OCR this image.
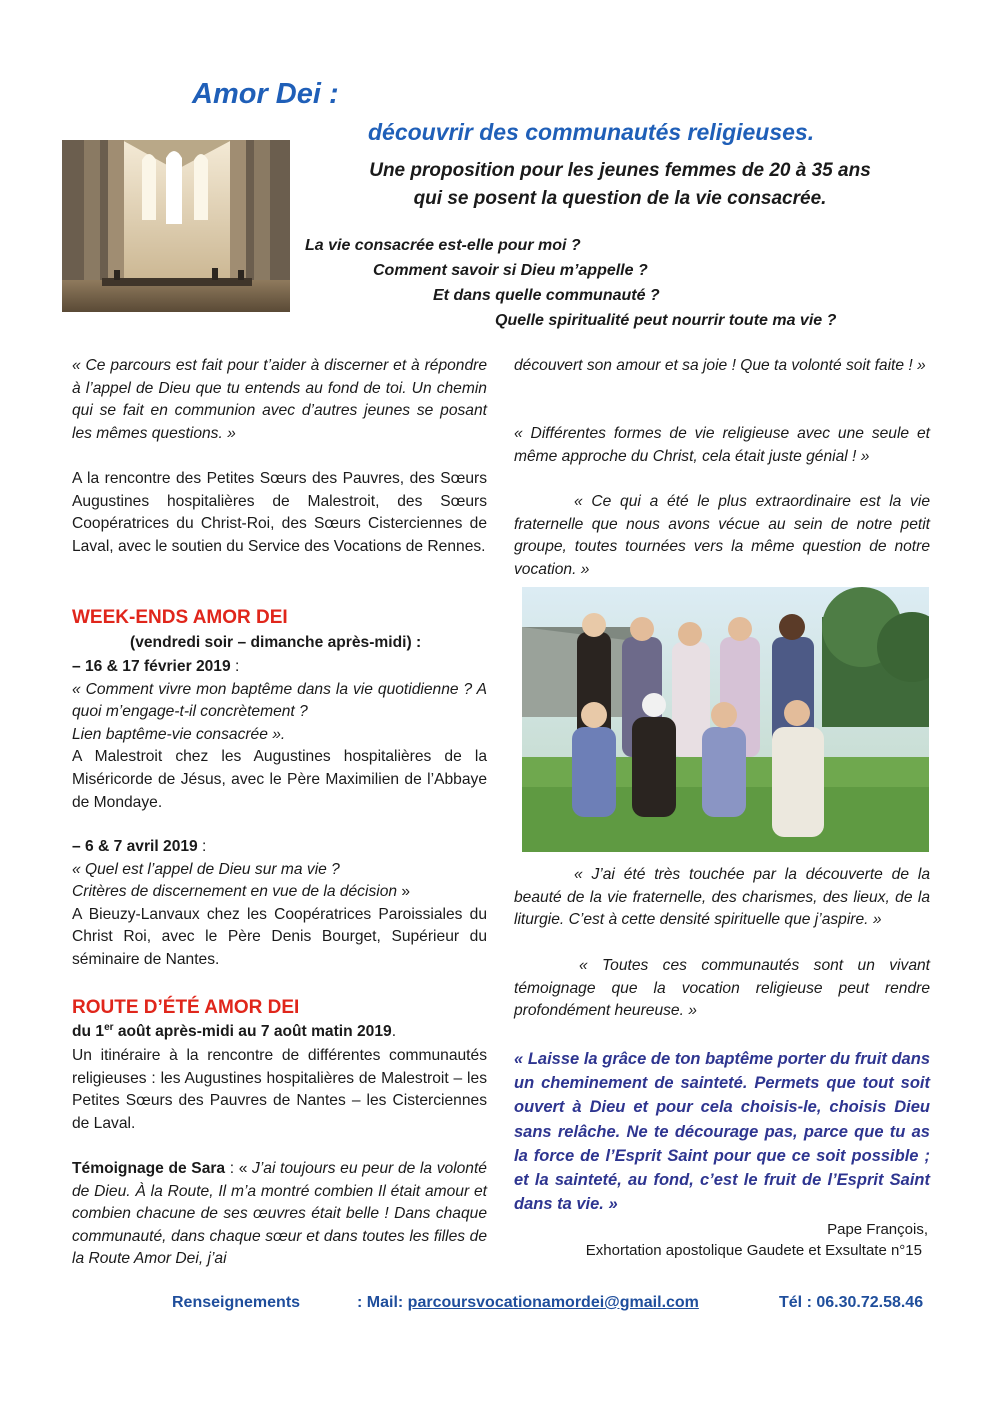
Amor Dei :
découvrir des communautés religieuses.
Une proposition pour les jeunes femmes de 20 à 35 ans
qui se posent la question de la vie consacrée.
La vie consacrée est-elle pour moi ?
Comment savoir si Dieu m’appelle ?
Et dans quelle communauté ?
Quelle spiritualité peut nourrir toute ma vie ?
« Ce parcours est fait pour t’aider à discerner et à répondre à l’appel de Dieu que tu entends au fond de toi. Un chemin qui se fait en communion avec d’autres jeunes se posant les mêmes questions. »
A la rencontre des Petites Sœurs des Pauvres, des Sœurs Augustines hospitalières de Malestroit, des Sœurs Coopératrices du Christ-Roi, des Sœurs Cisterciennes de Laval, avec le soutien du Service des Vocations de Rennes.
WEEK-ENDS AMOR DEI
(vendredi soir – dimanche après-midi) :

– 16 & 17 février 2019 :

« Comment vivre mon baptême dans la vie quotidienne ? A quoi m’engage-t-il concrètement ?

Lien baptême-vie consacrée ».

A Malestroit chez les Augustines hospitalières de la Miséricorde de Jésus, avec le Père Maximilien de l’Abbaye de Mondaye.

– 6 & 7 avril 2019 :

« Quel est l’appel de Dieu sur ma vie ?

Critères de discernement en vue de la décision »

A Bieuzy-Lanvaux chez les Coopératrices Paroissiales du Christ Roi, avec le Père Denis Bourget, Supérieur du séminaire de Nantes.

ROUTE D’ÉTÉ AMOR DEI
du 1er août après-midi au 7 août matin 2019.
Un itinéraire à la rencontre de différentes communautés religieuses : les Augustines hospitalières de Malestroit – les Petites Sœurs des Pauvres de Nantes – les Cisterciennes de Laval.
Témoignage de Sara : « J’ai toujours eu peur de la volonté de Dieu. À la Route, Il m’a montré combien Il était amour et combien chacune de ses œuvres était belle ! Dans chaque communauté, dans chaque sœur et dans toutes les filles de la Route Amor Dei, j’ai
découvert son amour et sa joie ! Que ta volonté soit faite ! »
« Différentes formes de vie religieuse avec une seule et même approche du Christ, cela était juste génial ! »
« Ce qui a été le plus extraordinaire est la vie fraternelle que nous avons vécue au sein de notre petit groupe, toutes tournées vers la même question de notre vocation. »
« J’ai été très touchée par la découverte de la beauté de la vie fraternelle, des charismes, des lieux, de la liturgie. C’est à cette densité spirituelle que j’aspire. »
« Toutes ces communautés sont un vivant témoignage que la vocation religieuse peut rendre profondément heureuse. »
« Laisse la grâce de ton baptême porter du fruit dans un cheminement de sainteté. Permets que tout soit ouvert à Dieu et pour cela choisis-le, choisis Dieu sans relâche. Ne te décourage pas, parce que tu as la force de l’Esprit Saint pour que ce soit possible ; et la sainteté, au fond, c’est le fruit de l’Esprit Saint dans ta vie. »
Pape François,
Exhortation apostolique Gaudete et Exsultate n°15
Renseignements	: Mail: parcoursvocationamordei@gmail.com	Tél : 06.30.72.58.46
